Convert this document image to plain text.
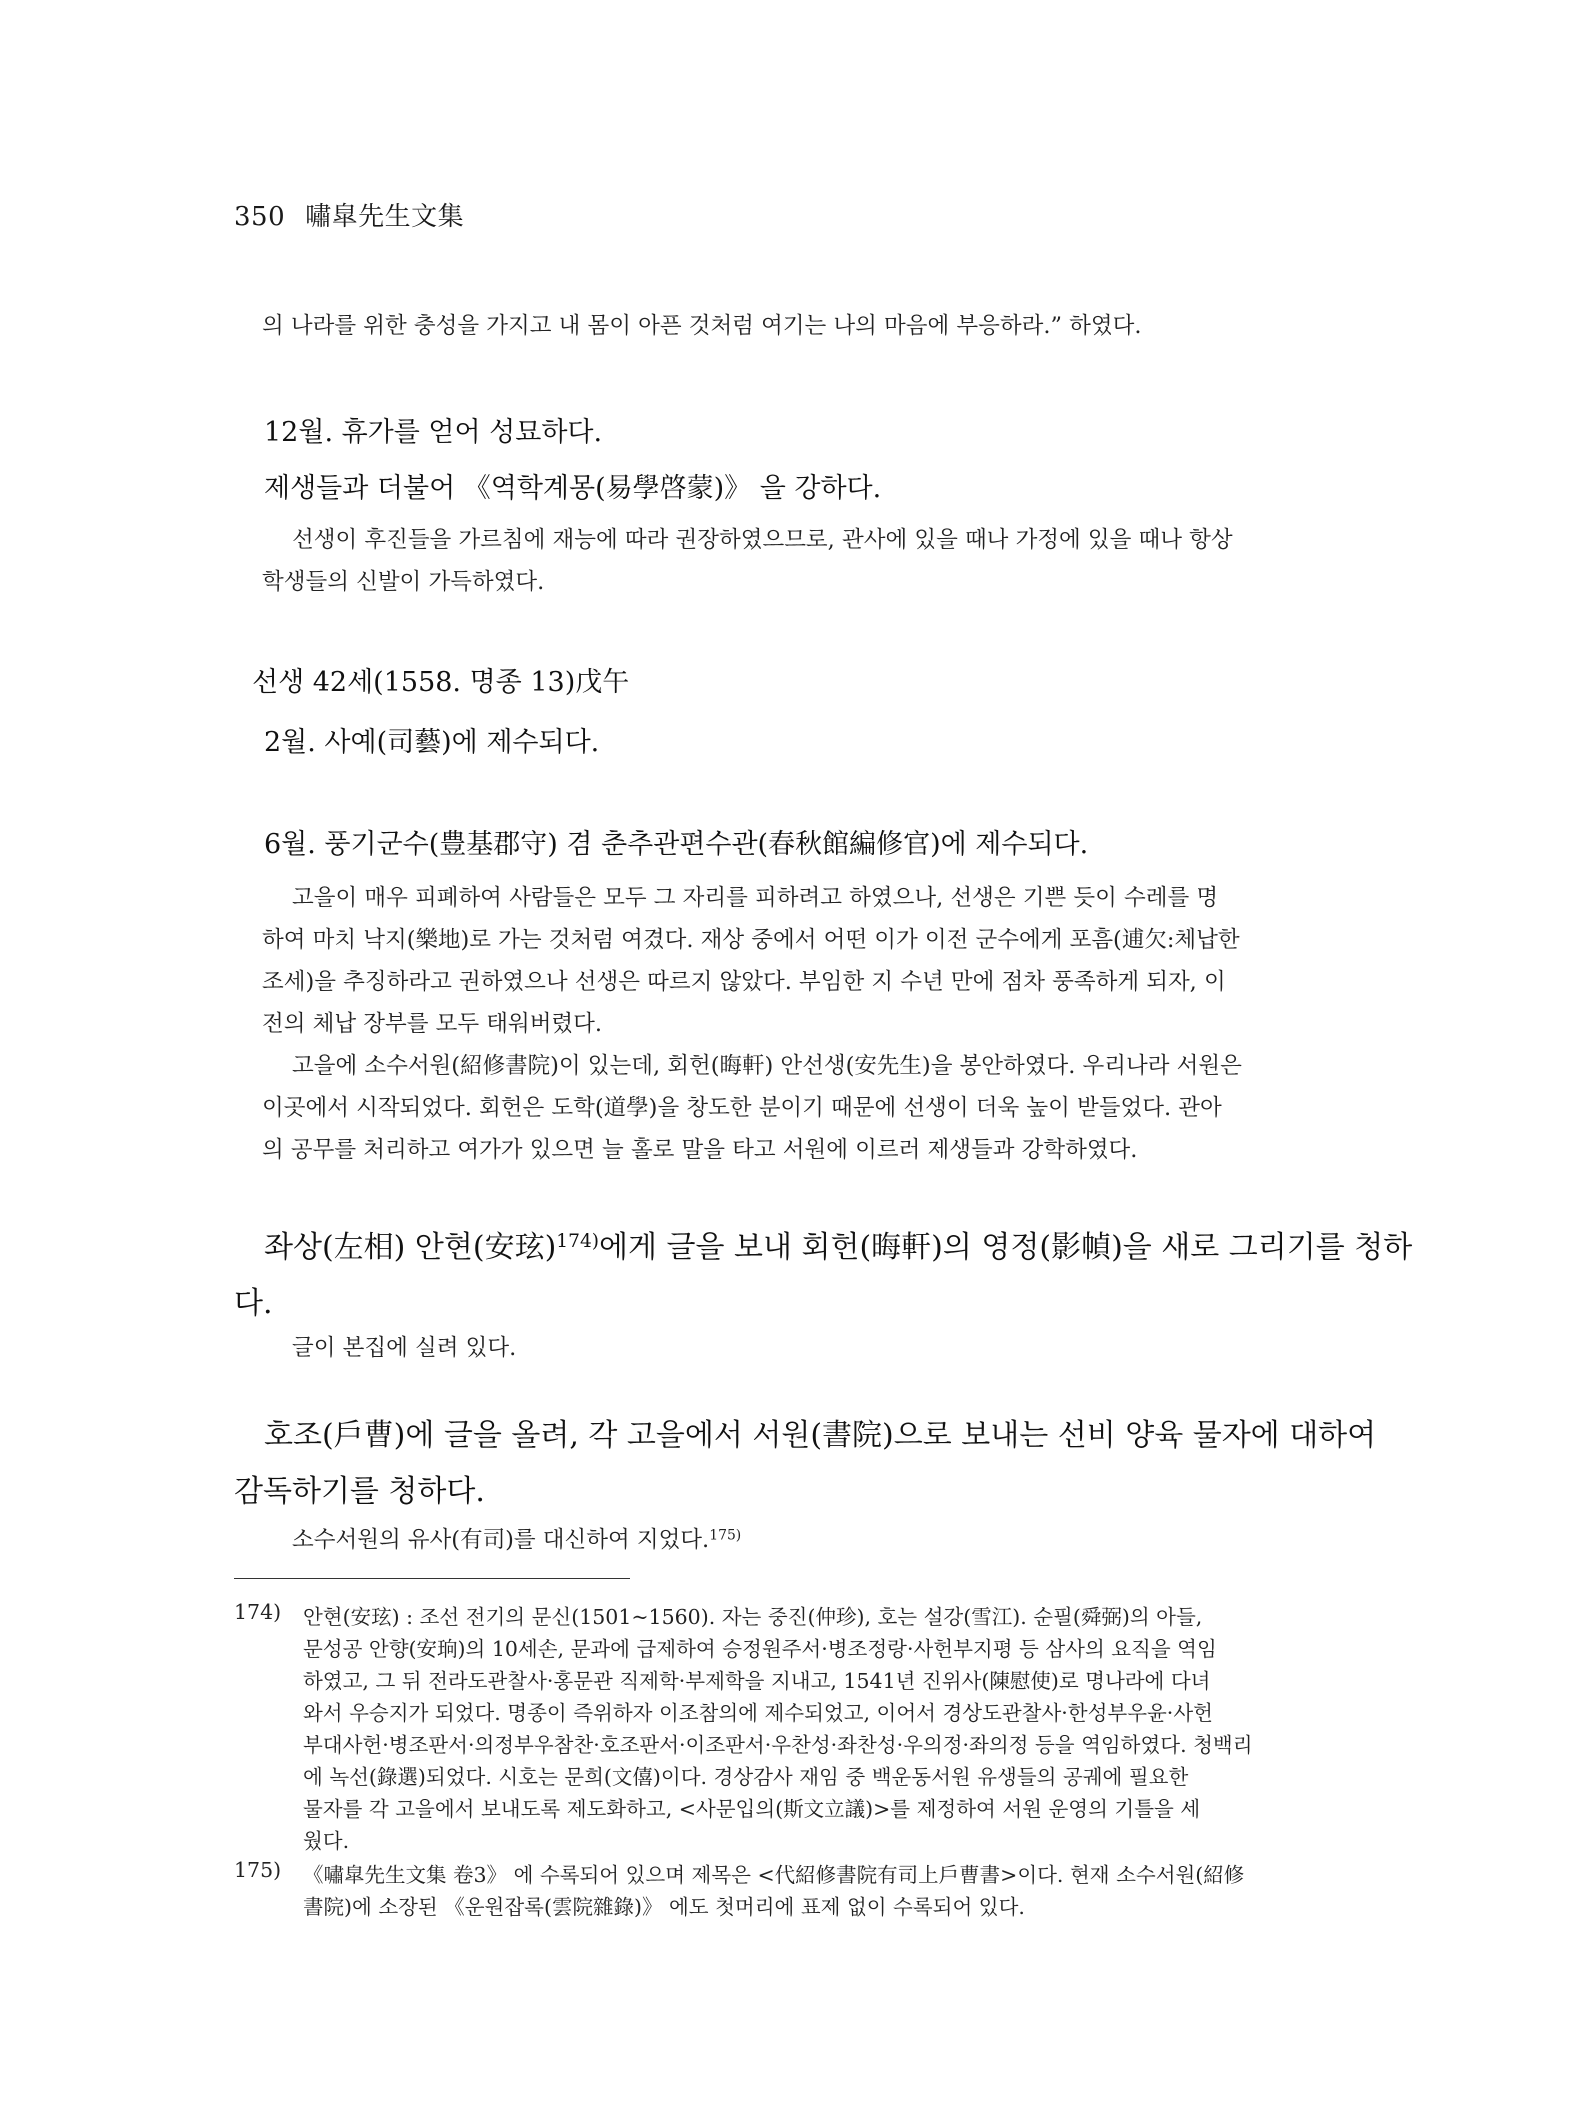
350 嘯皐先生文集
의 나라를 위한 충성을 가지고 내 몸이 아픈 것처럼 여기는 나의 마음에 부응하라.” 하였다.
12월. 휴가를 얻어 성묘하다.
제생들과 더불어 《역학계몽(易學啓蒙)》 을 강하다.
선생이 후진들을 가르침에 재능에 따라 권장하였으므로, 관사에 있을 때나 가정에 있을 때나 항상
학생들의 신발이 가득하였다.
선생 42세(1558. 명종 13)戊午
2월. 사예(司藝)에 제수되다.
6월. 풍기군수(豊基郡守) 겸 춘추관편수관(春秋館編修官)에 제수되다.
고을이 매우 피폐하여 사람들은 모두 그 자리를 피하려고 하였으나, 선생은 기쁜 듯이 수레를 명
하여 마치 낙지(樂地)로 가는 것처럼 여겼다. 재상 중에서 어떤 이가 이전 군수에게 포흠(逋欠:체납한
조세)을 추징하라고 권하였으나 선생은 따르지 않았다. 부임한 지 수년 만에 점차 풍족하게 되자, 이
전의 체납 장부를 모두 태워버렸다.
고을에 소수서원(紹修書院)이 있는데, 회헌(晦軒) 안선생(安先生)을 봉안하였다. 우리나라 서원은
이곳에서 시작되었다. 회헌은 도학(道學)을 창도한 분이기 때문에 선생이 더욱 높이 받들었다. 관아
의 공무를 처리하고 여가가 있으면 늘 홀로 말을 타고 서원에 이르러 제생들과 강학하였다.
좌상(左相) 안현(安玹)$^{174)}$에게 글을 보내 회헌(晦軒)의 영정(影幀)을 새로 그리기를 청하
다.
글이 본집에 실려 있다.
호조(戶曹)에 글을 올려, 각 고을에서 서원(書院)으로 보내는 선비 양육 물자에 대하여
감독하기를 청하다.
소수서원의 유사(有司)를 대신하여 지었다.$^{175)}$
174) 안현(安玹) : 조선 전기의 문신(1501~1560). 자는 중진(仲珍), 호는 설강(雪江). 순필(舜弼)의 아들,
문성공 안향(安珦)의 10세손, 문과에 급제하여 승정원주서·병조정랑·사헌부지평 등 삼사의 요직을 역임
하였고, 그 뒤 전라도관찰사·홍문관 직제학·부제학을 지내고, 1541년 진위사(陳慰使)로 명나라에 다녀
와서 우승지가 되었다. 명종이 즉위하자 이조참의에 제수되었고, 이어서 경상도관찰사·한성부우윤·사헌
부대사헌·병조판서·의정부우참찬·호조판서·이조판서·우찬성·좌찬성·우의정·좌의정 등을 역임하였다. 청백리
에 녹선(錄選)되었다. 시호는 문희(文僖)이다. 경상감사 재임 중 백운동서원 유생들의 공궤에 필요한
물자를 각 고을에서 보내도록 제도화하고, <사문입의(斯文立議)>를 제정하여 서원 운영의 기틀을 세
웠다.
175) 《嘯皐先生文集 卷3》 에 수록되어 있으며 제목은 <代紹修書院有司上戶曹書>이다. 현재 소수서원(紹修
書院)에 소장된 《운원잡록(雲院雜錄)》 에도 첫머리에 표제 없이 수록되어 있다.
